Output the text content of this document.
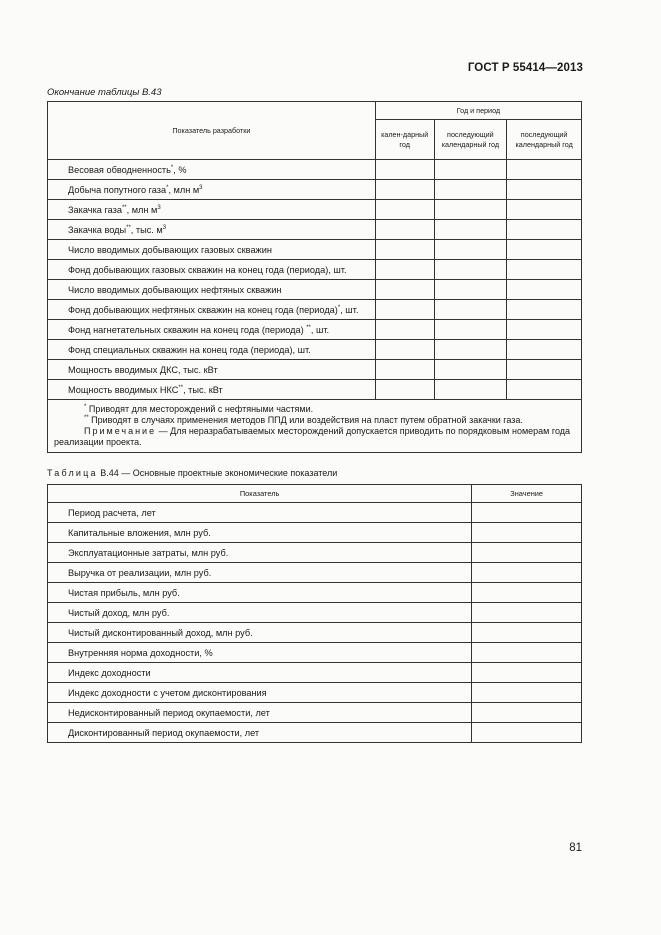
ГОСТ Р 55414—2013
Окончание таблицы В.43
Показатель разработки	Год и период		
	кален-дарный год	последующий календарный год	последующий календарный год
Весовая обводненность*, %			
Добыча попутного газа*, млн $м^3$			
Закачка газа**, млн $м^3$			
Закачка воды**, тыс. $м^3$			
Число вводимых добывающих газовых скважин			
Фонд добывающих газовых скважин на конец года (периода), шт.			
Число вводимых добывающих нефтяных скважин			
Фонд добывающих нефтяных скважин на конец года (периода)*, шт.			
Фонд нагнетательных скважин на конец года (периода) **, шт.			
Фонд специальных скважин на конец года (периода), шт.			
Мощность вводимых ДКС, тыс. кВт			
Мощность вводимых НКС**, тыс. кВт			

* Приводят для месторождений с нефтяными частями.
** Приводят в случаях применения методов ППД или воздействия на пласт путем обратной закачки газа.
Примечание — Для неразрабатываемых месторождений допускается приводить по порядковым номерам года реализации проекта.			
Таблица В.44 — Основные проектные экономические показатели
Показатель	Значение
Период расчета, лет	
Капитальные вложения, млн руб.	
Эксплуатационные затраты, млн руб.	
Выручка от реализации, млн руб.	
Чистая прибыль, млн руб.	
Чистый доход, млн руб.	
Чистый дисконтированный доход, млн руб.	
Внутренняя норма доходности, %	
Индекс доходности	
Индекс доходности с учетом дисконтирования	
Недисконтированный период окупаемости, лет	
Дисконтированный период окупаемости, лет	
81
